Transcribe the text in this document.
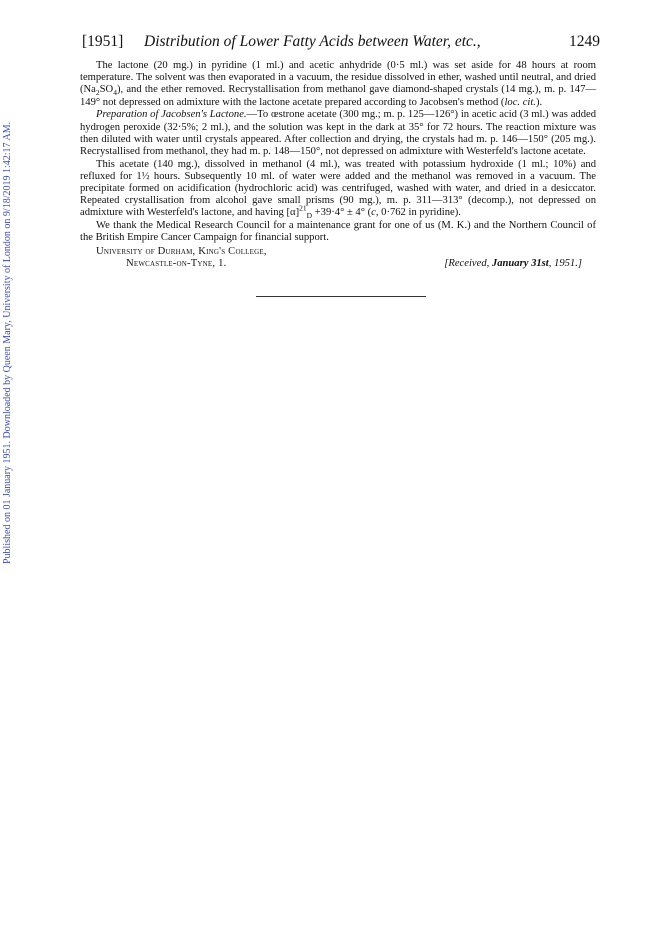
Published on 01 January 1951. Downloaded by Queen Mary, University of London on 9/18/2019 1:42:17 AM.
[1951] Distribution of Lower Fatty Acids between Water, etc.,	1249

The lactone (20 mg.) in pyridine (1 ml.) and acetic anhydride (0·5 ml.) was set aside for 48 hours at room temperature. The solvent was then evaporated in a vacuum, the residue dissolved in ether, washed until neutral, and dried $(Na_2SO_4)$, and the ether removed. Recrystallisation from methanol gave diamond-shaped crystals (14 mg.), m. p. 147—149° not depressed on admixture with the lactone acetate prepared according to Jacobsen's method (loc. cit.).

Preparation of Jacobsen's Lactone.—To œstrone acetate (300 mg.; m. p. 125—126°) in acetic acid (3 ml.) was added hydrogen peroxide (32·5%; 2 ml.), and the solution was kept in the dark at 35° for 72 hours. The reaction mixture was then diluted with water until crystals appeared. After collection and drying, the crystals had m. p. 146—150° (205 mg.). Recrystallised from methanol, they had m. p. 148—150°, not depressed on admixture with Westerfeld's lactone acetate.

This acetate (140 mg.), dissolved in methanol (4 ml.), was treated with potassium hydroxide (1 ml.; 10%) and refluxed for 1½ hours. Subsequently 10 ml. of water were added and the methanol was removed in a vacuum. The precipitate formed on acidification (hydrochloric acid) was centrifuged, washed with water, and dried in a desiccator. Repeated crystallisation from alcohol gave small prisms (90 mg.), m. p. 311—313° (decomp.), not depressed on admixture with Westerfeld's lactone, and having $[\alpha]^{21}_D +39\cdot 4^\circ \pm 4^\circ$ (c, 0·762 in pyridine).

We thank the Medical Research Council for a maintenance grant for one of us (M. K.) and the Northern Council of the British Empire Cancer Campaign for financial support.

University of Durham, King's College,
Newcastle-on-Tyne, 1.	[Received, January 31st, 1951.]
